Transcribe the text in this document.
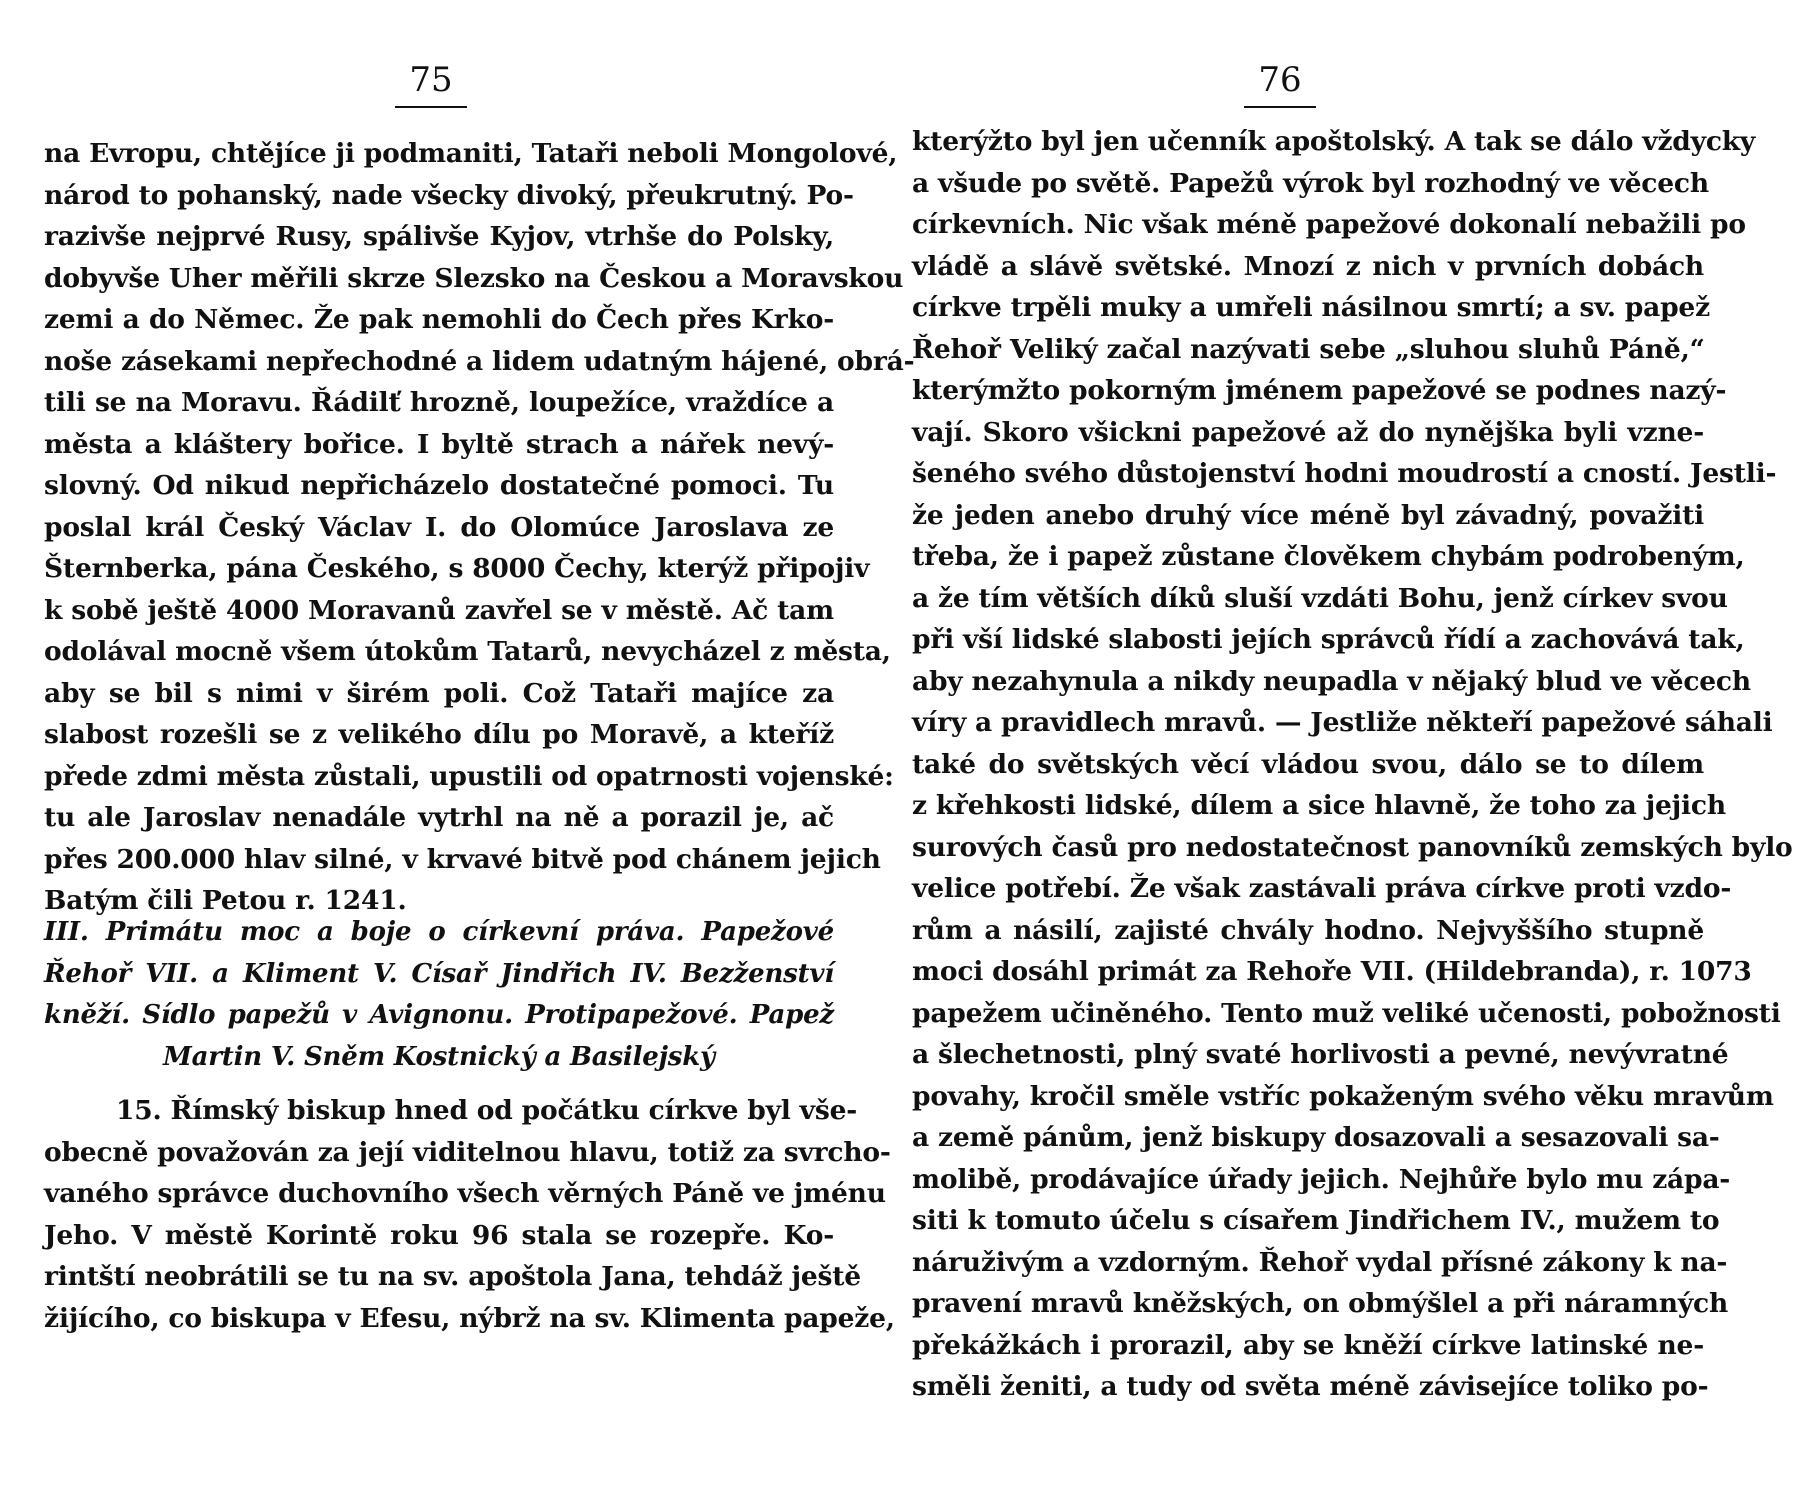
75
na Evropu, chtějíce ji podmaniti, Tataři neboli Mongolové,
národ to pohanský, nade všecky divoký, přeukrutný. Po-
razivše nejprvé Rusy, spálivše Kyjov, vtrhše do Polsky,
dobyvše Uher měřili skrze Slezsko na Českou a Moravskou
zemi a do Němec. Že pak nemohli do Čech přes Krko-
noše zásekami nepřechodné a lidem udatným hájené, obrá-
tili se na Moravu. Řádilť hrozně, loupežíce, vraždíce a
města a kláštery bořice. I byltě strach a nářek nevý-
slovný. Od nikud nepřicházelo dostatečné pomoci. Tu
poslal král Český Václav I. do Olomúce Jaroslava ze
Šternberka, pána Českého, s 8000 Čechy, kterýž připojiv
k sobě ještě 4000 Moravanů zavřel se v městě. Ač tam
odolával mocně všem útokům Tatarů, nevycházel z města,
aby se bil s nimi v širém poli. Což Tataři majíce za
slabost rozešli se z velikého dílu po Moravě, a kteříž
přede zdmi města zůstali, upustili od opatrnosti vojenské:
tu ale Jaroslav nenadále vytrhl na ně a porazil je, ač
přes 200.000 hlav silné, v krvavé bitvě pod chánem jejich
Batým čili Petou r. 1241.
III. Primátu moc a boje o církevní práva. Papežové
Řehoř VII. a Kliment V. Císař Jindřich IV. Bezženství
kněží. Sídlo papežů v Avignonu. Protipapežové. Papež
Martin V. Sněm Kostnický a Basilejský
15. Římský biskup hned od počátku církve byl vše-
obecně považován za její viditelnou hlavu, totiž za svrcho-
vaného správce duchovního všech věrných Páně ve jménu
Jeho. V městě Korintě roku 96 stala se rozepře. Ko-
rintští neobrátili se tu na sv. apoštola Jana, tehdáž ještě
žijícího, co biskupa v Efesu, nýbrž na sv. Klimenta papeže,
76
kterýžto byl jen učenník apoštolský. A tak se dálo vždycky
a všude po světě. Papežů výrok byl rozhodný ve věcech
církevních. Nic však méně papežové dokonalí nebažili po
vládě a slávě světské. Mnozí z nich v prvních dobách
církve trpěli muky a umřeli násilnou smrtí; a sv. papež
Řehoř Veliký začal nazývati sebe „sluhou sluhů Páně,“
kterýmžto pokorným jménem papežové se podnes nazý-
vají. Skoro všickni papežové až do nynějška byli vzne-
šeného svého důstojenství hodni moudrostí a cností. Jestli-
že jeden anebo druhý více méně byl závadný, považiti
třeba, že i papež zůstane člověkem chybám podrobeným,
a že tím větších díků sluší vzdáti Bohu, jenž církev svou
při vší lidské slabosti jejích správců řídí a zachovává tak,
aby nezahynula a nikdy neupadla v nějaký blud ve věcech
víry a pravidlech mravů. — Jestliže někteří papežové sáhali
také do světských věcí vládou svou, dálo se to dílem
z křehkosti lidské, dílem a sice hlavně, že toho za jejich
surových časů pro nedostatečnost panovníků zemských bylo
velice potřebí. Že však zastávali práva církve proti vzdo-
rům a násilí, zajisté chvály hodno. Nejvyššího stupně
moci dosáhl primát za Rehoře VII. (Hildebranda), r. 1073
papežem učiněného. Tento muž veliké učenosti, pobožnosti
a šlechetnosti, plný svaté horlivosti a pevné, nevývratné
povahy, kročil směle vstříc pokaženým svého věku mravům
a země pánům, jenž biskupy dosazovali a sesazovali sa-
molibě, prodávajíce úřady jejich. Nejhůře bylo mu zápa-
siti k tomuto účelu s císařem Jindřichem IV., mužem to
náruživým a vzdorným. Řehoř vydal přísné zákony k na-
pravení mravů kněžských, on obmýšlel a při náramných
překážkách i prorazil, aby se kněží církve latinské ne-
směli ženiti, a tudy od světa méně závisejíce toliko po-
